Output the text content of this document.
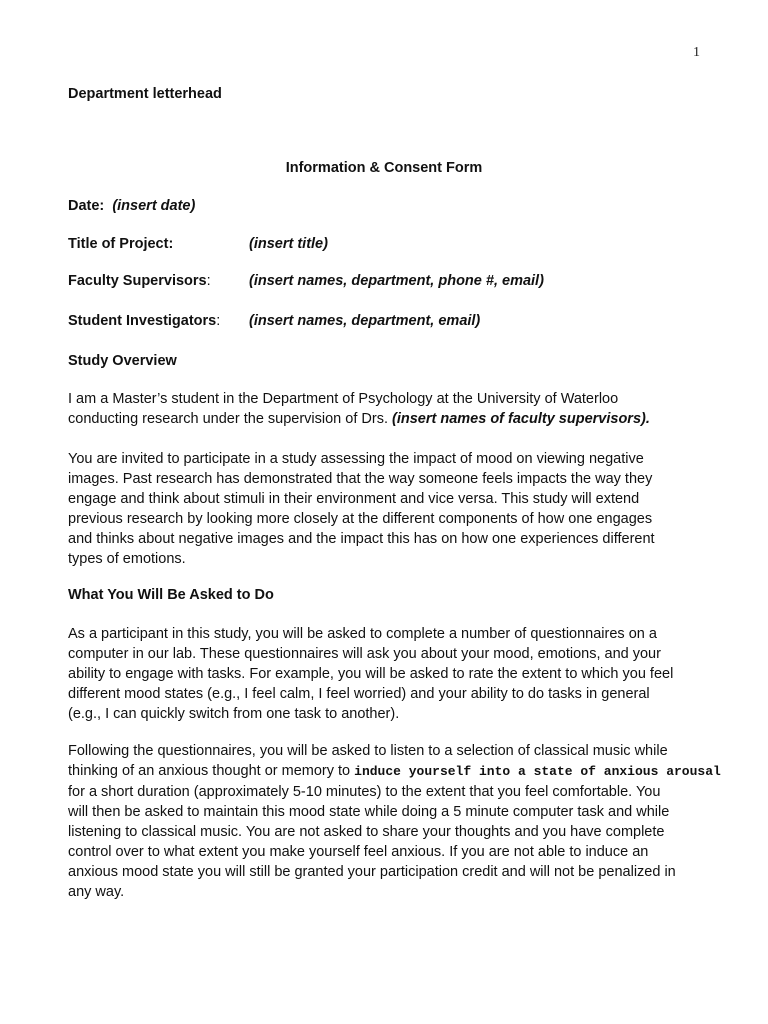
1
Department letterhead
Information & Consent Form
Date: (insert date)
Title of Project:	(insert title)
Faculty Supervisors:	(insert names, department, phone #, email)
Student Investigators: (insert names, department, email)
Study Overview
I am a Master’s student in the Department of Psychology at the University of Waterloo
conducting research under the supervision of Drs. (insert names of faculty supervisors).
You are invited to participate in a study assessing the impact of mood on viewing negative
images. Past research has demonstrated that the way someone feels impacts the way they
engage and think about stimuli in their environment and vice versa. This study will extend
previous research by looking more closely at the different components of how one engages
and thinks about negative images and the impact this has on how one experiences different
types of emotions.
What You Will Be Asked to Do
As a participant in this study, you will be asked to complete a number of questionnaires on a
computer in our lab. These questionnaires will ask you about your mood, emotions, and your
ability to engage with tasks. For example, you will be asked to rate the extent to which you feel
different mood states (e.g., I feel calm, I feel worried) and your ability to do tasks in general
(e.g., I can quickly switch from one task to another).
Following the questionnaires, you will be asked to listen to a selection of classical music while
thinking of an anxious thought or memory to induce yourself into a state of anxious arousal
for a short duration (approximately 5-10 minutes) to the extent that you feel comfortable. You
will then be asked to maintain this mood state while doing a 5 minute computer task and while
listening to classical music. You are not asked to share your thoughts and you have complete
control over to what extent you make yourself feel anxious. If you are not able to induce an
anxious mood state you will still be granted your participation credit and will not be penalized in
any way.
